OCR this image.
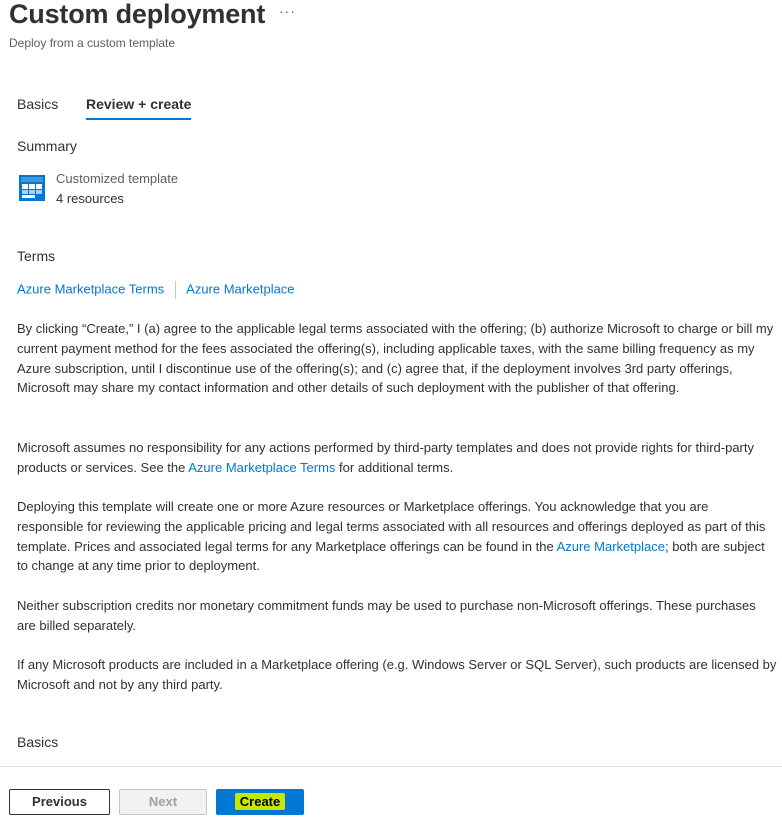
Custom deployment ···
Deploy from a custom template
Basics Review + create
Summary
Customized template
4 resources
Terms
Azure Marketplace Terms Azure Marketplace

By clicking “Create,” I (a) agree to the applicable legal terms associated with the offering; (b) authorize Microsoft to charge or bill my current payment method for the fees associated the offering(s), including applicable taxes, with the same billing frequency as my Azure subscription, until I discontinue use of the offering(s); and (c) agree that, if the deployment involves 3rd party offerings, Microsoft may share my contact information and other details of such deployment with the publisher of that offering.

Microsoft assumes no responsibility for any actions performed by third-party templates and does not provide rights for third-party products or services. See the Azure Marketplace Terms for additional terms.

Deploying this template will create one or more Azure resources or Marketplace offerings. You acknowledge that you are responsible for reviewing the applicable pricing and legal terms associated with all resources and offerings deployed as part of this template. Prices and associated legal terms for any Marketplace offerings can be found in the Azure Marketplace; both are subject to change at any time prior to deployment.

Neither subscription credits nor monetary commitment funds may be used to purchase non-Microsoft offerings. These purchases are billed separately.

If any Microsoft products are included in a Marketplace offering (e.g. Windows Server or SQL Server), such products are licensed by Microsoft and not by any third party.

Basics
Previous	Next	Create
